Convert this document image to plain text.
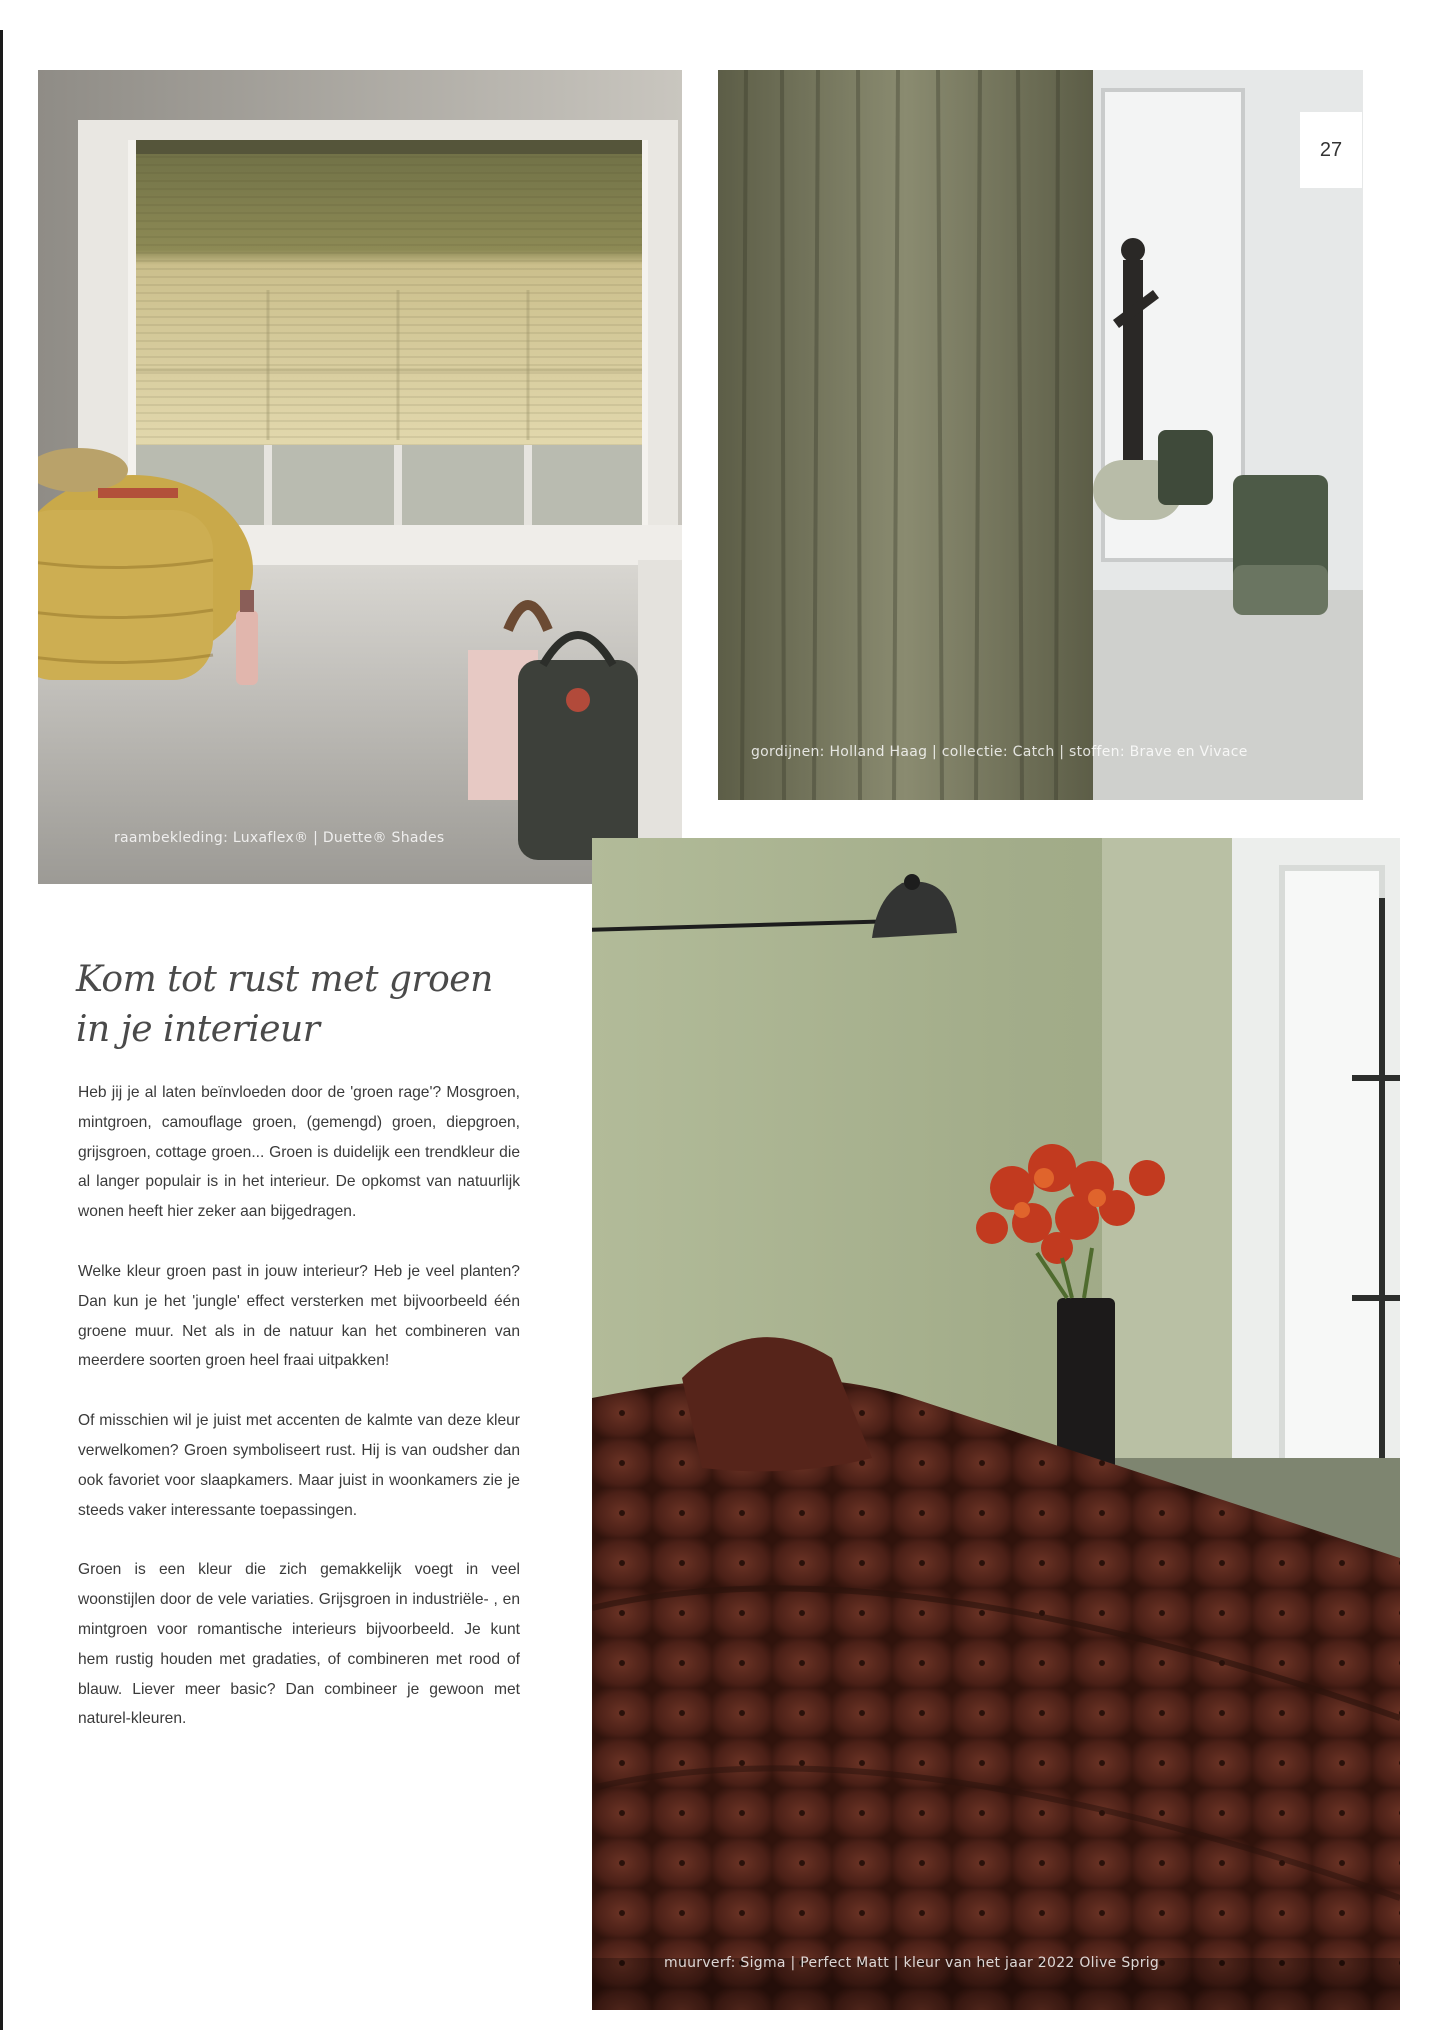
raambekleding: Luxaflex® | Duette® Shades
27
gordijnen: Holland Haag | collectie: Catch | stoffen: Brave en Vivace
muurverf: Sigma | Perfect Matt | kleur van het jaar 2022 Olive Sprig
Kom tot rust met groen
in je interieur

Heb jij je al laten beïnvloeden door de 'groen rage'? Mosgroen, mintgroen, camouflage groen, (gemengd) groen, diepgroen, grijsgroen, cottage groen... Groen is duidelijk een trendkleur die al langer populair is in het interieur. De opkomst van natuurlijk wonen heeft hier zeker aan bijgedragen.

Welke kleur groen past in jouw interieur? Heb je veel planten? Dan kun je het 'jungle' effect versterken met bijvoorbeeld één groene muur. Net als in de natuur kan het combineren van meerdere soorten groen heel fraai uitpakken!

Of misschien wil je juist met accenten de kalmte van deze kleur verwelkomen? Groen symboliseert rust. Hij is van oudsher dan ook favoriet voor slaapkamers. Maar juist in woonkamers zie je steeds vaker interessante toepassingen.

Groen is een kleur die zich gemakkelijk voegt in veel woonstijlen door de vele variaties. Grijsgroen in industriële- , en mintgroen voor romantische interieurs bijvoorbeeld. Je kunt hem rustig houden met gradaties, of combineren met rood of blauw. Liever meer basic? Dan combineer je gewoon met naturel-kleuren.
